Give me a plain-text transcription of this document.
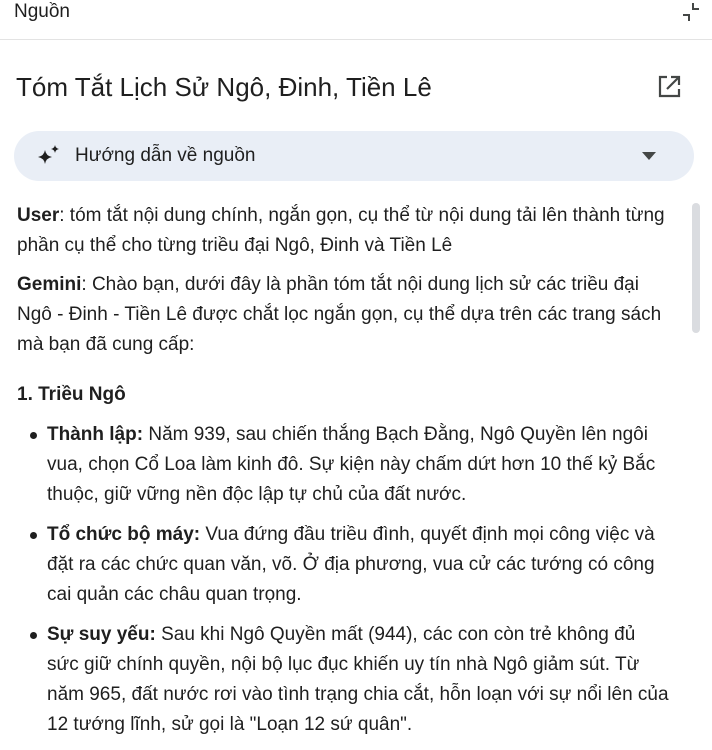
Nguồn
Tóm Tắt Lịch Sử Ngô, Đinh, Tiền Lê
Hướng dẫn về nguồn

User: tóm tắt nội dung chính, ngắn gọn, cụ thể từ nội dung tải lên thành từng phần cụ thể cho từng triều đại Ngô, Đinh và Tiền Lê

Gemini: Chào bạn, dưới đây là phần tóm tắt nội dung lịch sử các triều đại Ngô - Đinh - Tiền Lê được chắt lọc ngắn gọn, cụ thể dựa trên các trang sách mà bạn đã cung cấp:

1. Triều Ngô
Thành lập: Năm 939, sau chiến thắng Bạch Đằng, Ngô Quyền lên ngôi vua, chọn Cổ Loa làm kinh đô. Sự kiện này chấm dứt hơn 10 thế kỷ Bắc thuộc, giữ vững nền độc lập tự chủ của đất nước.
Tổ chức bộ máy: Vua đứng đầu triều đình, quyết định mọi công việc và đặt ra các chức quan văn, võ. Ở địa phương, vua cử các tướng có công cai quản các châu quan trọng.
Sự suy yếu: Sau khi Ngô Quyền mất (944), các con còn trẻ không đủ sức giữ chính quyền, nội bộ lục đục khiến uy tín nhà Ngô giảm sút. Từ năm 965, đất nước rơi vào tình trạng chia cắt, hỗn loạn với sự nổi lên của 12 tướng lĩnh, sử gọi là "Loạn 12 sứ quân".
